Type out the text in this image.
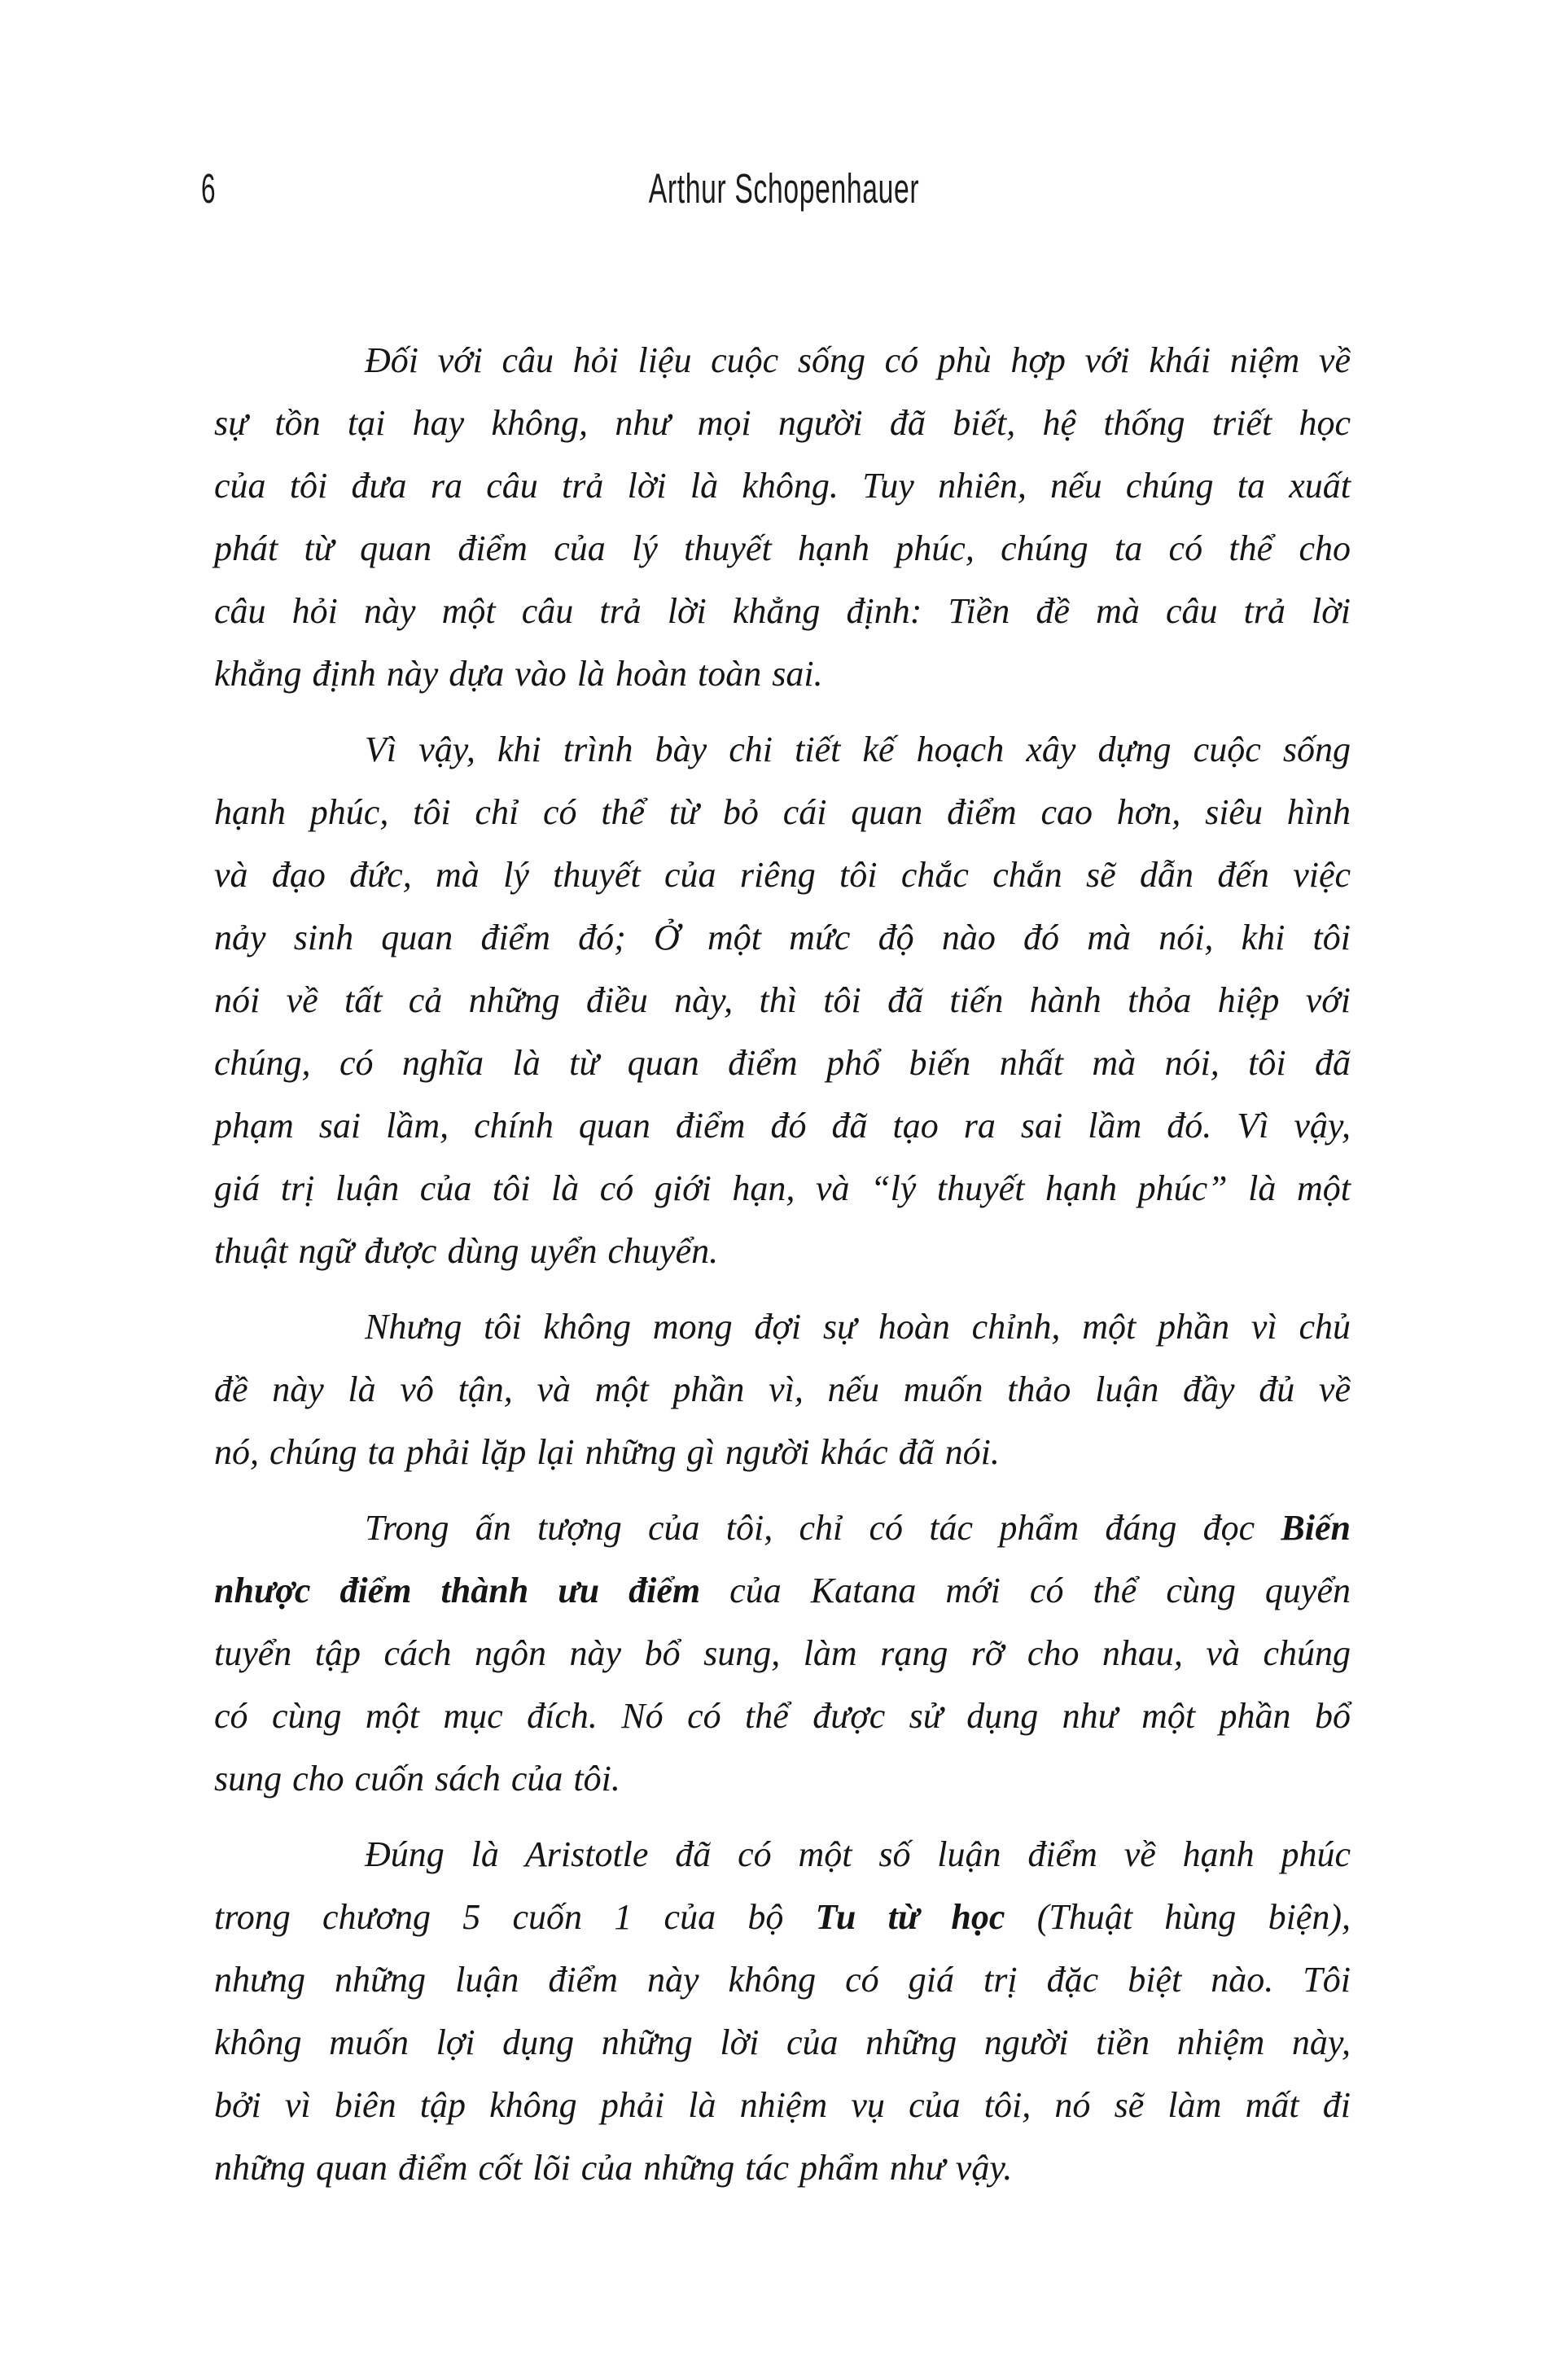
6	Arthur Schopenhauer
Đối với câu hỏi liệu cuộc sống có phù hợp với khái niệm về
sự tồn tại hay không, như mọi người đã biết, hệ thống triết học
của tôi đưa ra câu trả lời là không. Tuy nhiên, nếu chúng ta xuất
phát từ quan điểm của lý thuyết hạnh phúc, chúng ta có thể cho
câu hỏi này một câu trả lời khẳng định: Tiền đề mà câu trả lời
khẳng định này dựa vào là hoàn toàn sai.
Vì vậy, khi trình bày chi tiết kế hoạch xây dựng cuộc sống
hạnh phúc, tôi chỉ có thể từ bỏ cái quan điểm cao hơn, siêu hình
và đạo đức, mà lý thuyết của riêng tôi chắc chắn sẽ dẫn đến việc
nảy sinh quan điểm đó; Ở một mức độ nào đó mà nói, khi tôi
nói về tất cả những điều này, thì tôi đã tiến hành thỏa hiệp với
chúng, có nghĩa là từ quan điểm phổ biến nhất mà nói, tôi đã
phạm sai lầm, chính quan điểm đó đã tạo ra sai lầm đó. Vì vậy,
giá trị luận của tôi là có giới hạn, và “lý thuyết hạnh phúc” là một
thuật ngữ được dùng uyển chuyển.
Nhưng tôi không mong đợi sự hoàn chỉnh, một phần vì chủ
đề này là vô tận, và một phần vì, nếu muốn thảo luận đầy đủ về
nó, chúng ta phải lặp lại những gì người khác đã nói.
Trong ấn tượng của tôi, chỉ có tác phẩm đáng đọc Biến
nhược điểm thành ưu điểm của Katana mới có thể cùng quyển
tuyển tập cách ngôn này bổ sung, làm rạng rỡ cho nhau, và chúng
có cùng một mục đích. Nó có thể được sử dụng như một phần bổ
sung cho cuốn sách của tôi.
Đúng là Aristotle đã có một số luận điểm về hạnh phúc
trong chương 5 cuốn 1 của bộ Tu từ học (Thuật hùng biện),
nhưng những luận điểm này không có giá trị đặc biệt nào. Tôi
không muốn lợi dụng những lời của những người tiền nhiệm này,
bởi vì biên tập không phải là nhiệm vụ của tôi, nó sẽ làm mất đi
những quan điểm cốt lõi của những tác phẩm như vậy.
